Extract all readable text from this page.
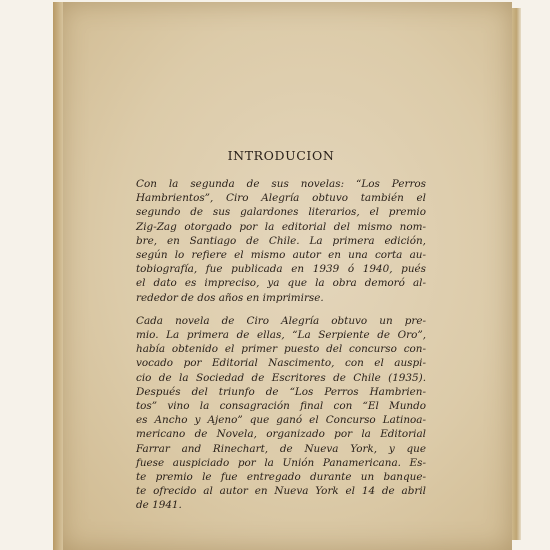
INTRODUCION
Con la segunda de sus novelas: “Los Perros
Hambrientos”, Ciro Alegría obtuvo también el
segundo de sus galardones literarios, el premio
Zig-Zag otorgado por la editorial del mismo nom-
bre, en Santiago de Chile. La primera edición,
según lo refiere el mismo autor en una corta au-
tobiografía, fue publicada en 1939 ó 1940, pués
el dato es impreciso, ya que la obra demoró al-
rededor de dos años en imprimirse.
Cada novela de Ciro Alegría obtuvo un pre-
mio. La primera de ellas, “La Serpiente de Oro”,
había obtenido el primer puesto del concurso con-
vocado por Editorial Nascimento, con el auspi-
cio de la Sociedad de Escritores de Chile (1935).
Después del triunfo de “Los Perros Hambrien-
tos” vino la consagración final con “El Mundo
es Ancho y Ajeno” que ganó el Concurso Latinoa-
mericano de Novela, organizado por la Editorial
Farrar and Rinechart, de Nueva York, y que
fuese auspiciado por la Unión Panamericana. Es-
te premio le fue entregado durante un banque-
te ofrecido al autor en Nueva York el 14 de abril
de 1941.
